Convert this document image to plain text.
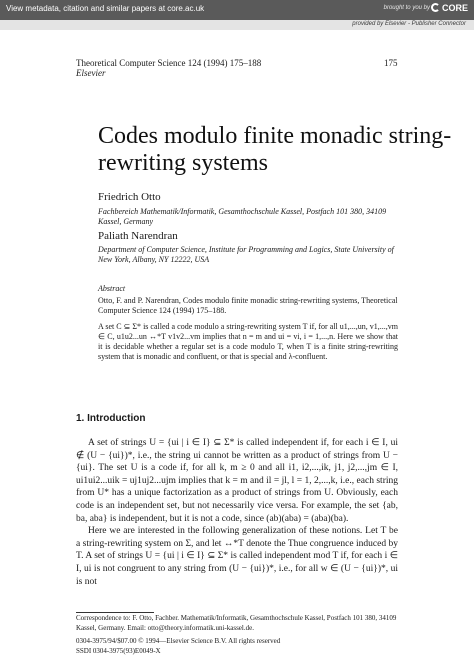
View metadata, citation and similar papers at core.ac.uk	brought to you by	CORE
provided by Elsevier - Publisher Connector
Theoretical Computer Science 124 (1994) 175–188
Elsevier
175
Codes modulo finite monadic string-rewriting systems
Friedrich Otto
Fachbereich Mathematik/Informatik, Gesamthochschule Kassel, Postfach 101 380, 34109 Kassel, Germany
Paliath Narendran
Department of Computer Science, Institute for Programming and Logics, State University of New York, Albany, NY 12222, USA
Abstract
Otto, F. and P. Narendran, Codes modulo finite monadic string-rewriting systems, Theoretical Computer Science 124 (1994) 175–188.
A set C ⊆ Σ* is called a code modulo a string-rewriting system T if, for all u1,...,un, v1,...,vm ∈ C, u1u2...un ↔*T v1v2...vm implies that n = m and ui = vi, i = 1,...,n. Here we show that it is decidable whether a regular set is a code modulo T, when T is a finite string-rewriting system that is monadic and confluent, or that is special and λ-confluent.
1. Introduction

A set of strings U = {ui | i ∈ I} ⊆ Σ* is called independent if, for each i ∈ I, ui ∉ (U − {ui})*, i.e., the string ui cannot be written as a product of strings from U − {ui}. The set U is a code if, for all k, m ≥ 0 and all i1, i2,...,ik, j1, j2,...,jm ∈ I, ui1ui2...uik = uj1uj2...ujm implies that k = m and il = jl, l = 1, 2,...,k, i.e., each string from U* has a unique factorization as a product of strings from U. Obviously, each code is an independent set, but not necessarily vice versa. For example, the set {ab, ba, aba} is independent, but it is not a code, since (ab)(aba) = (aba)(ba).

Here we are interested in the following generalization of these notions. Let T be a string-rewriting system on Σ, and let ↔*T denote the Thue congruence induced by T. A set of strings U = {ui | i ∈ I} ⊆ Σ* is called independent mod T if, for each i ∈ I, ui is not congruent to any string from (U − {ui})*, i.e., for all w ∈ (U − {ui})*, ui is not

Correspondence to: F. Otto, Fachber. Mathematik/Informatik, Gesamthochschule Kassel, Postfach 101 380, 34109 Kassel, Germany. Email: otto@theory.informatik.uni-kassel.de.
0304-3975/94/$07.00 © 1994—Elsevier Science B.V. All rights reserved
SSDI 0304-3975(93)E0049-X
